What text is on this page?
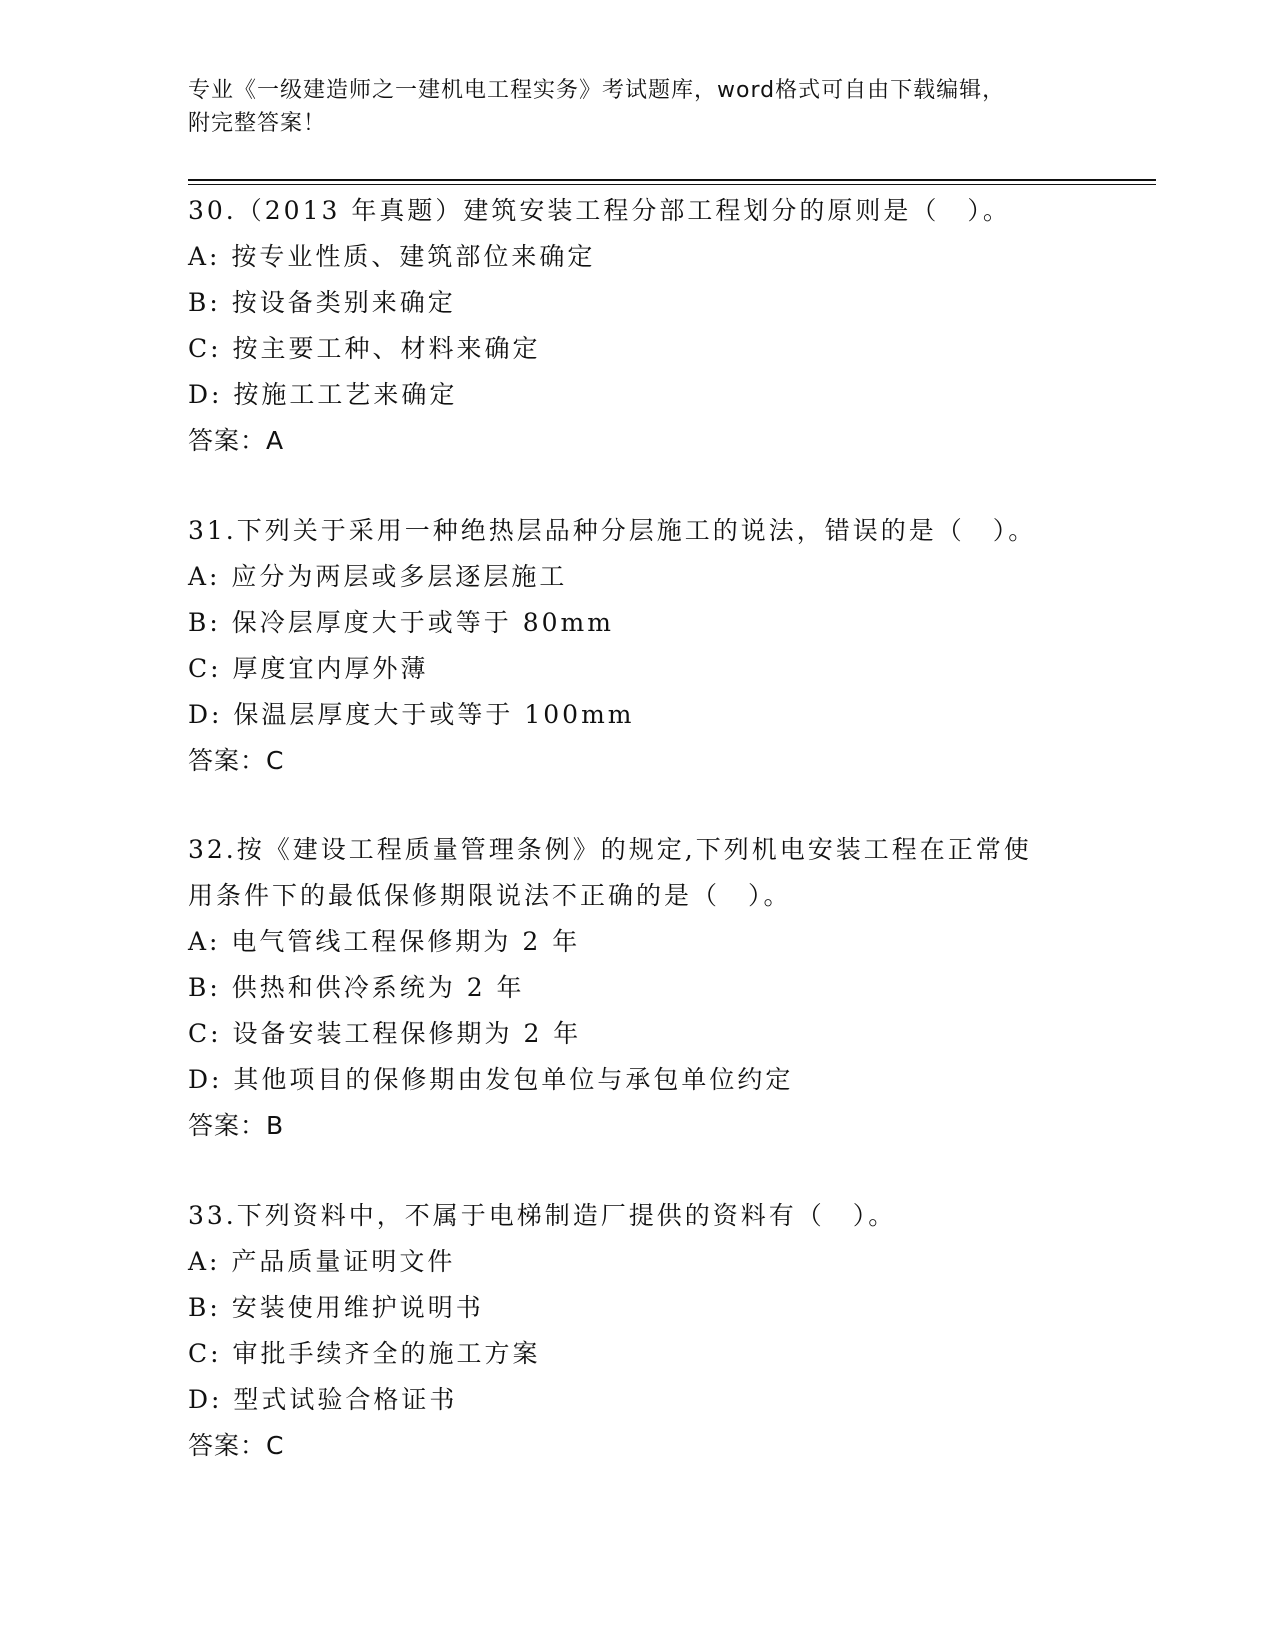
专业《一级建造师之一建机电工程实务》考试题库，word格式可自由下载编辑，
附完整答案！
30.（2013 年真题）建筑安装工程分部工程划分的原则是（　）。
A: 按专业性质、建筑部位来确定
B: 按设备类别来确定
C: 按主要工种、材料来确定
D: 按施工工艺来确定
答案：A
31.下列关于采用一种绝热层品种分层施工的说法，错误的是（　）。
A: 应分为两层或多层逐层施工
B: 保冷层厚度大于或等于 80mm
C: 厚度宜内厚外薄
D: 保温层厚度大于或等于 100mm
答案：C
32.按《建设工程质量管理条例》的规定,下列机电安装工程在正常使
用条件下的最低保修期限说法不正确的是（　）。
A: 电气管线工程保修期为 2 年
B: 供热和供冷系统为 2 年
C: 设备安装工程保修期为 2 年
D: 其他项目的保修期由发包单位与承包单位约定
答案：B
33.下列资料中，不属于电梯制造厂提供的资料有（　）。
A: 产品质量证明文件
B: 安装使用维护说明书
C: 审批手续齐全的施工方案
D: 型式试验合格证书
答案：C
